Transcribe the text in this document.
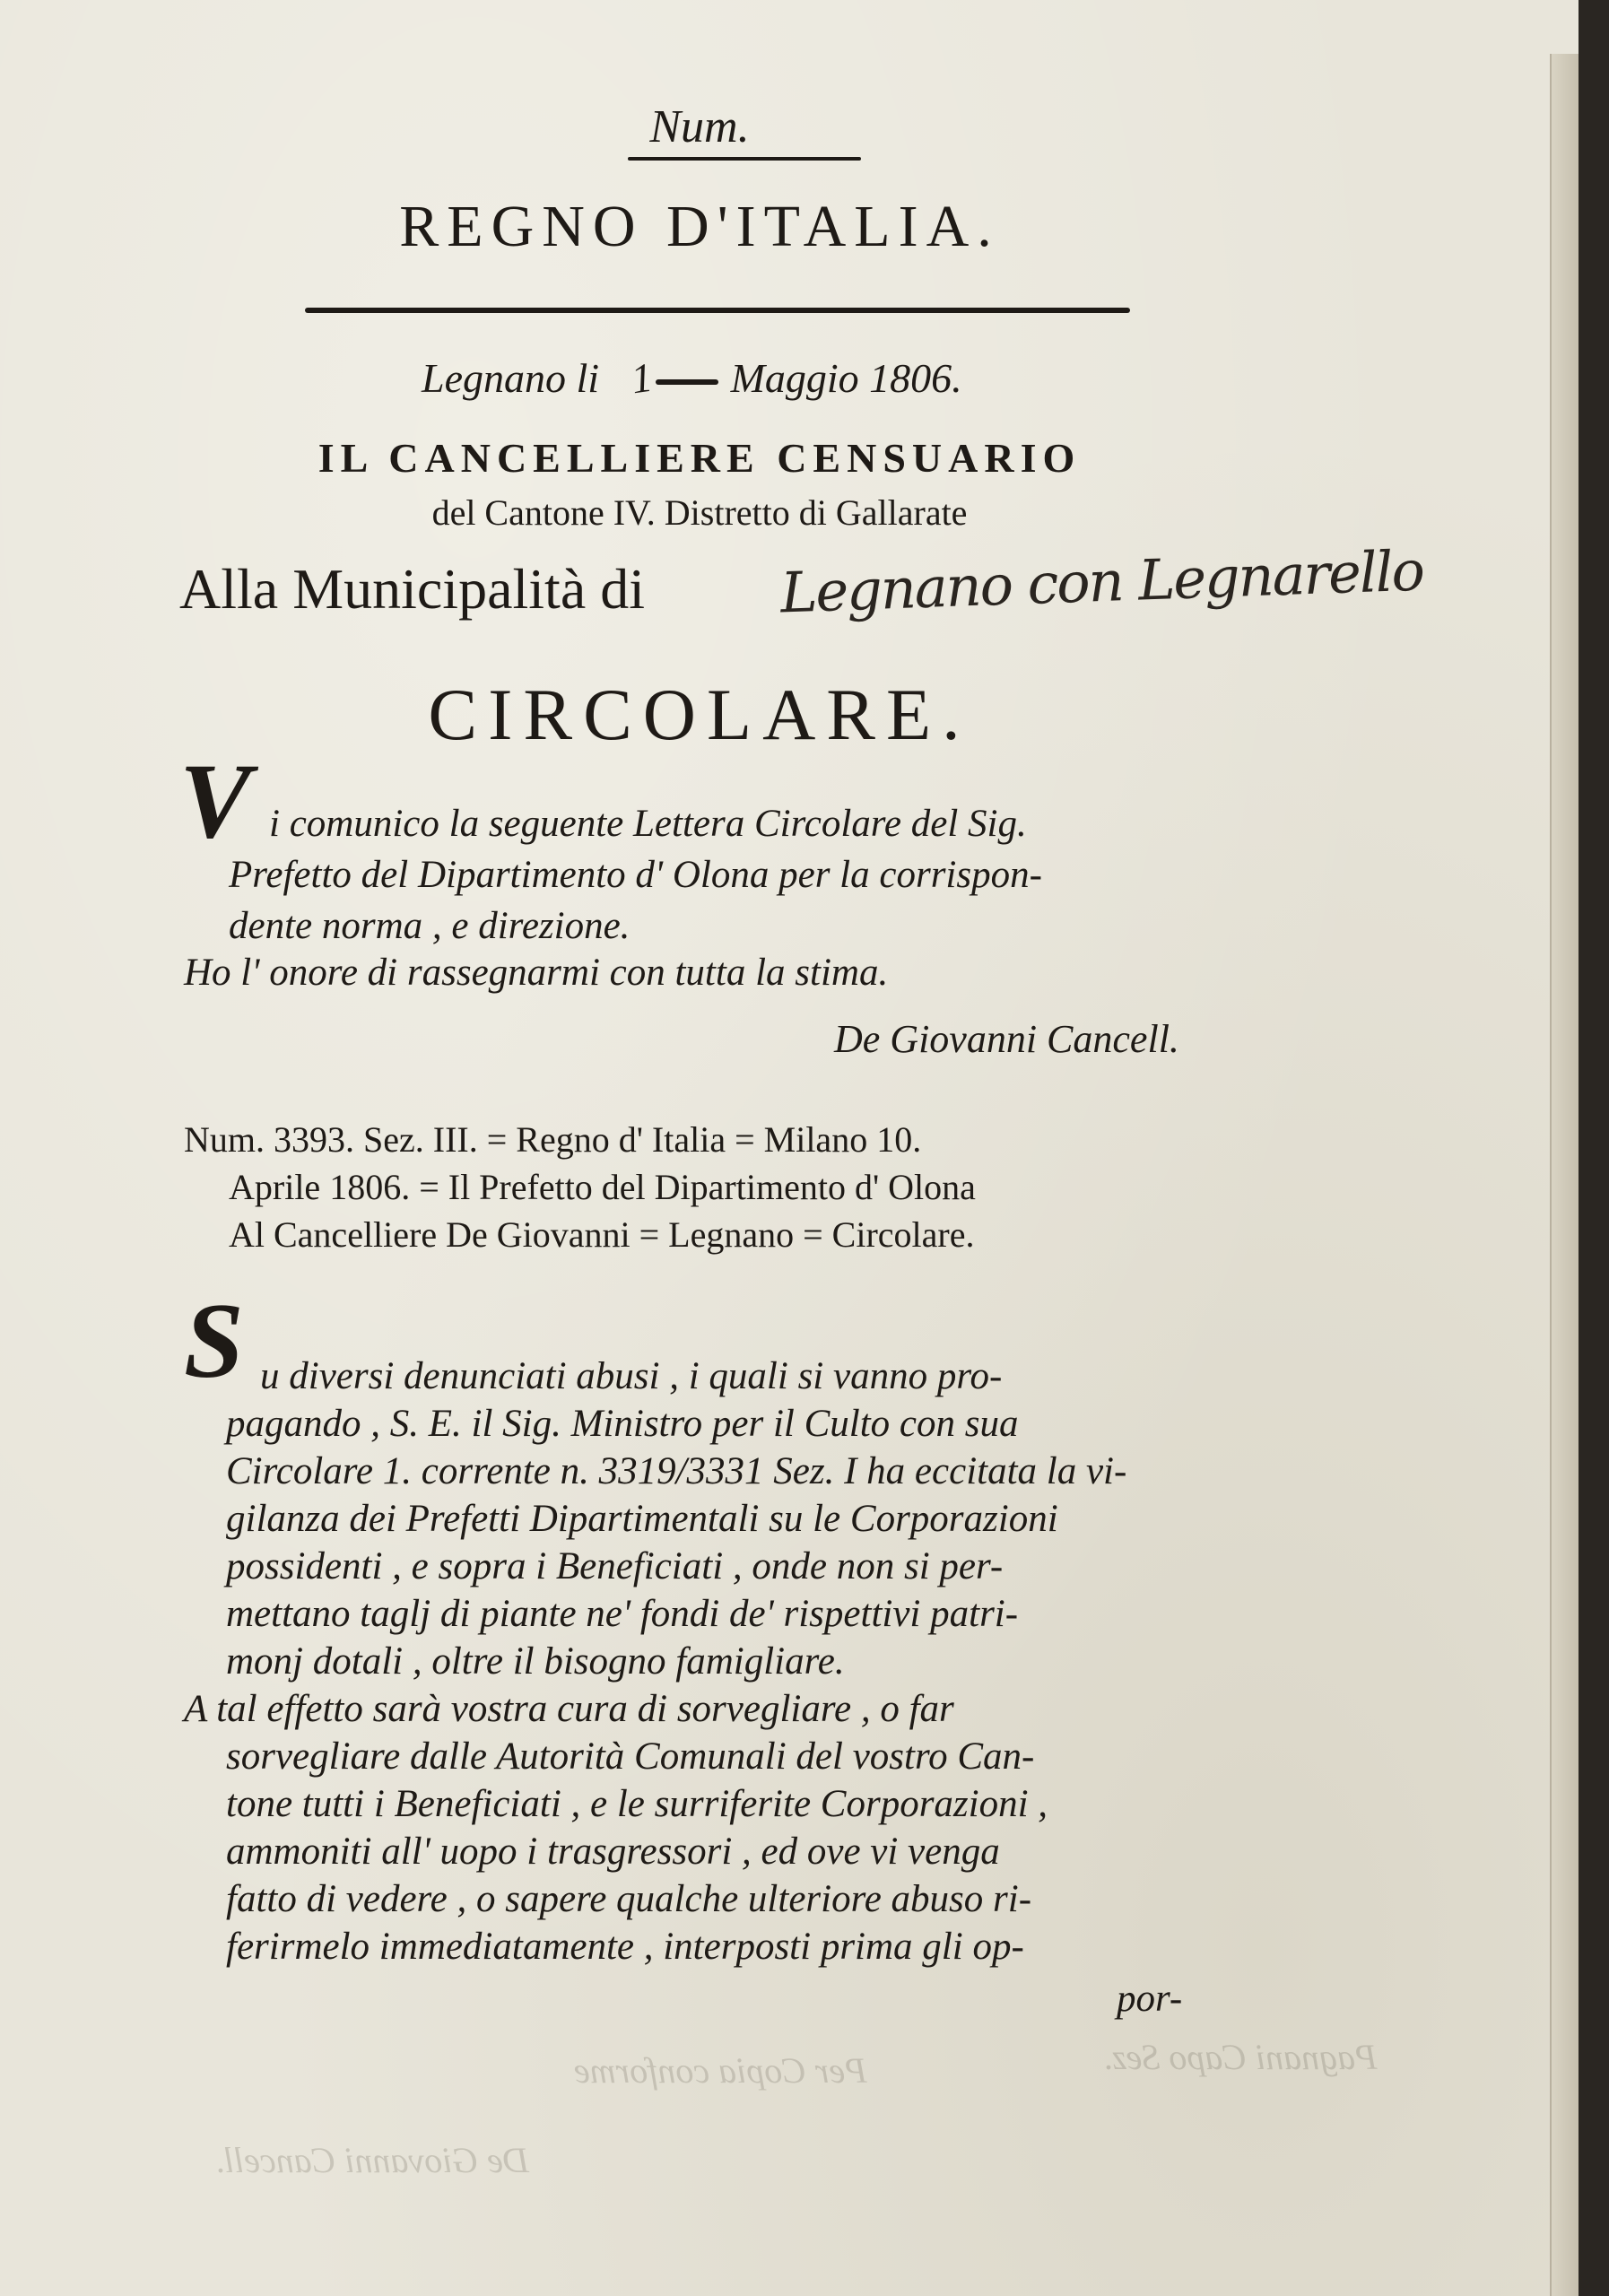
Per Copia conforme
De Giovanni Cancell.
Pagnani Capo Sez.
Num.
REGNO D'ITALIA.
Legnano li 1 Maggio 1806.
IL CANCELLIERE CENSUARIO
del Cantone IV. Distretto di Gallarate
Alla Municipalità di Legnano con Legnarello
CIRCOLARE.
V i comunico la seguente Lettera Circolare del Sig.
Prefetto del Dipartimento d' Olona per la corrispon-
dente norma , e direzione.
Ho l' onore di rassegnarmi con tutta la stima.
De Giovanni Cancell.
Num. 3393. Sez. III. = Regno d' Italia = Milano 10.
Aprile 1806. = Il Prefetto del Dipartimento d' Olona
Al Cancelliere De Giovanni = Legnano = Circolare.
S u diversi denunciati abusi , i quali si vanno pro-
pagando , S. E. il Sig. Ministro per il Culto con sua
Circolare 1. corrente n. 3319/3331 Sez. I ha eccitata la vi-
gilanza dei Prefetti Dipartimentali su le Corporazioni
possidenti , e sopra i Beneficiati , onde non si per-
mettano taglj di piante ne' fondi de' rispettivi patri-
monj dotali , oltre il bisogno famigliare.
A tal effetto sarà vostra cura di sorvegliare , o far
sorvegliare dalle Autorità Comunali del vostro Can-
tone tutti i Beneficiati , e le surriferite Corporazioni ,
ammoniti all' uopo i trasgressori , ed ove vi venga
fatto di vedere , o sapere qualche ulteriore abuso ri-
ferirmelo immediatamente , interposti prima gli op-
por-
